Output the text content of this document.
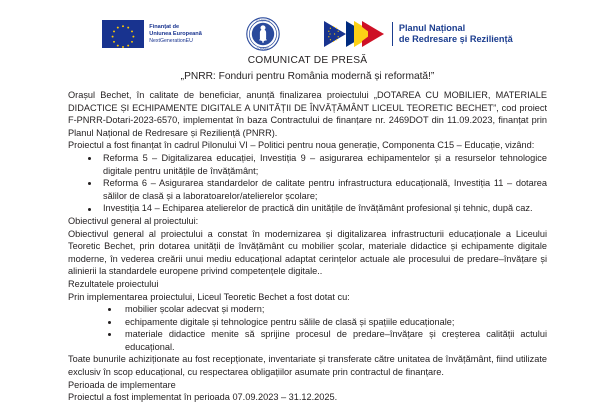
Finanțat de
Uniunea Europeană
NextGenerationEU
GUVERNUL
ROMÂNIEI
Planul Național
de Redresare și Reziliență
COMUNICAT DE PRESĂ
„PNRR: Fonduri pentru România modernă și reformată!”

Orașul Bechet, în calitate de beneficiar, anunță finalizarea proiectului „DOTAREA CU MOBILIER, MATERIALE DIDACTICE ȘI ECHIPAMENTE DIGITALE A UNITĂȚII DE ÎNVĂȚĂMÂNT LICEUL TEORETIC BECHET”, cod proiect F-PNRR-Dotari-2023-6570, implementat în baza Contractului de finanțare nr. 2469DOT din 11.09.2023, finanțat prin Planul Național de Redresare și Reziliență (PNRR).

Proiectul a fost finanțat în cadrul Pilonului VI – Politici pentru noua generație, Componenta C15 – Educație, vizând:

Reforma 5 – Digitalizarea educației, Investiția 9 – asigurarea echipamentelor și a resurselor tehnologice digitale pentru unitățile de învățământ;
Reforma 6 – Asigurarea standardelor de calitate pentru infrastructura educațională, Investiția 11 – dotarea sălilor de clasă și a laboratoarelor/atelierelor școlare;
Investiția 14 – Echiparea atelierelor de practică din unitățile de învățământ profesional și tehnic, după caz.

Obiectivul general al proiectului:

Obiectivul general al proiectului a constat în modernizarea și digitalizarea infrastructurii educaționale a Liceului Teoretic Bechet, prin dotarea unității de învățământ cu mobilier școlar, materiale didactice și echipamente digitale moderne, în vederea creării unui mediu educațional adaptat cerințelor actuale ale procesului de predare–învățare și alinierii la standardele europene privind competențele digitale..

Rezultatele proiectului

Prin implementarea proiectului, Liceul Teoretic Bechet a fost dotat cu:

mobilier școlar adecvat și modern;
echipamente digitale și tehnologice pentru sălile de clasă și spațiile educaționale;
materiale didactice menite să sprijine procesul de predare–învățare și creșterea calității actului educațional.

Toate bunurile achiziționate au fost recepționate, inventariate și transferate către unitatea de învățământ, fiind utilizate exclusiv în scop educațional, cu respectarea obligațiilor asumate prin contractul de finanțare.

Perioada de implementare

Proiectul a fost implementat în perioada 07.09.2023 – 31.12.2025.
